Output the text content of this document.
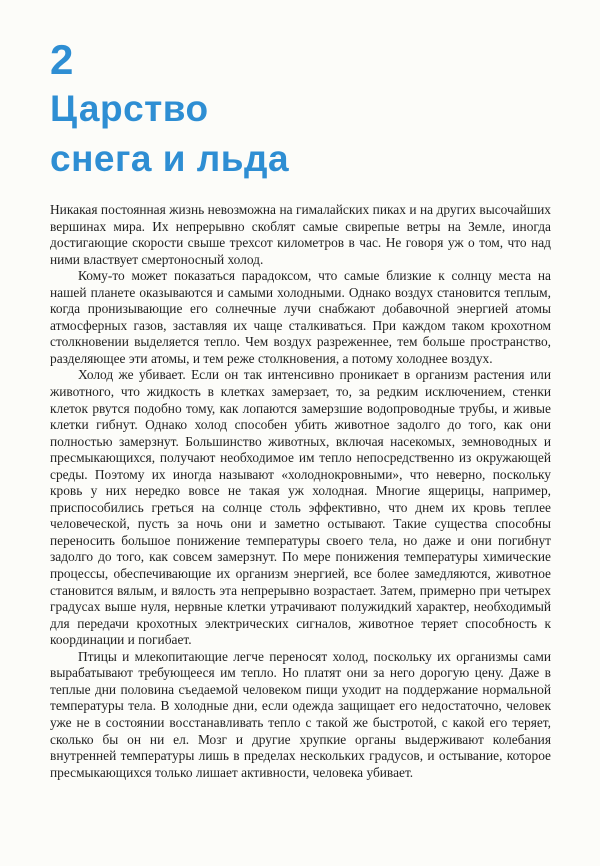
2
Царство
снега и льда

Никакая постоянная жизнь невозможна на гималайских пиках и на других высочайших вершинах мира. Их непрерывно скоблят самые свирепые ветры на Земле, иногда достигающие скорости свыше трехсот километров в час. Не говоря уж о том, что над ними властвует смертоносный холод.

Кому-то может показаться парадоксом, что самые близкие к солнцу места на нашей планете оказываются и самыми холодными. Однако воздух становится теплым, когда пронизывающие его солнечные лучи снабжают добавочной энергией атомы атмосферных газов, заставляя их чаще сталкиваться. При каждом таком крохотном столкновении выделяется тепло. Чем воздух разреженнее, тем больше пространство, разделяющее эти атомы, и тем реже столкновения, а потому холоднее воздух.

Холод же убивает. Если он так интенсивно проникает в организм растения или животного, что жидкость в клетках замерзает, то, за редким исключением, стенки клеток рвутся подобно тому, как лопаются замерзшие водопроводные трубы, и живые клетки гибнут. Однако холод способен убить животное задолго до того, как они полностью замерзнут. Большинство животных, включая насекомых, земноводных и пресмыкающихся, получают необходимое им тепло непосредственно из окружающей среды. Поэтому их иногда называют «холоднокровными», что неверно, поскольку кровь у них нередко вовсе не такая уж холодная. Многие ящерицы, например, приспособились греться на солнце столь эффективно, что днем их кровь теплее человеческой, пусть за ночь они и заметно остывают. Такие существа способны переносить большое понижение температуры своего тела, но даже и они погибнут задолго до того, как совсем замерзнут. По мере понижения температуры химические процессы, обеспечивающие их организм энергией, все более замедляются, животное становится вялым, и вялость эта непрерывно возрастает. Затем, примерно при четырех градусах выше нуля, нервные клетки утрачивают полужидкий характер, необходимый для передачи крохотных электрических сигналов, животное теряет способность к координации и погибает.

Птицы и млекопитающие легче переносят холод, поскольку их организмы сами вырабатывают требующееся им тепло. Но платят они за него дорогую цену. Даже в теплые дни половина съедаемой человеком пищи уходит на поддержание нормальной температуры тела. В холодные дни, если одежда защищает его недостаточно, человек уже не в состоянии восстанавливать тепло с такой же быстротой, с какой его теряет, сколько бы он ни ел. Мозг и другие хрупкие органы выдерживают колебания внутренней температуры лишь в пределах нескольких градусов, и остывание, которое пресмыкающихся только лишает активности, человека убивает.
